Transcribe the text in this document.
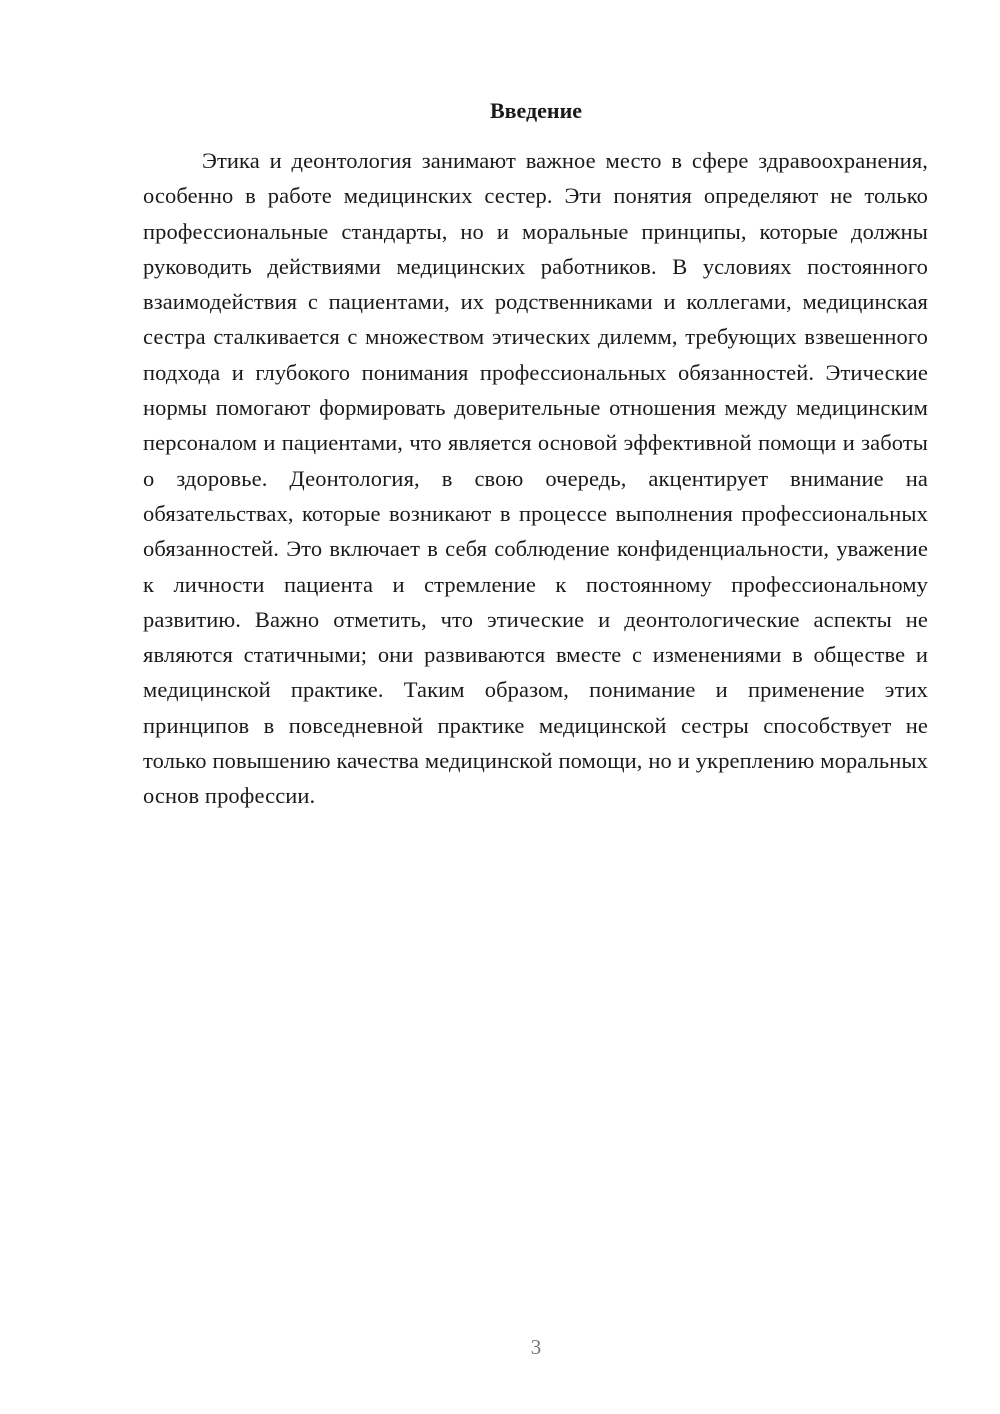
Введение

Этика и деонтология занимают важное место в сфере здравоохранения, особенно в работе медицинских сестер. Эти понятия определяют не только профессиональные стандарты, но и моральные принципы, которые должны руководить действиями медицинских работников. В условиях постоянного взаимодействия с пациентами, их родственниками и коллегами, медицинская сестра сталкивается с множеством этических дилемм, требующих взвешенного подхода и глубокого понимания профессиональных обязанностей. Этические нормы помогают формировать доверительные отношения между медицинским персоналом и пациентами, что является основой эффективной помощи и заботы о здоровье. Деонтология, в свою очередь, акцентирует внимание на обязательствах, которые возникают в процессе выполнения профессиональных обязанностей. Это включает в себя соблюдение конфиденциальности, уважение к личности пациента и стремление к постоянному профессиональному развитию. Важно отметить, что этические и деонтологические аспекты не являются статичными; они развиваются вместе с изменениями в обществе и медицинской практике. Таким образом, понимание и применение этих принципов в повседневной практике медицинской сестры способствует не только повышению качества медицинской помощи, но и укреплению моральных основ профессии.

3
